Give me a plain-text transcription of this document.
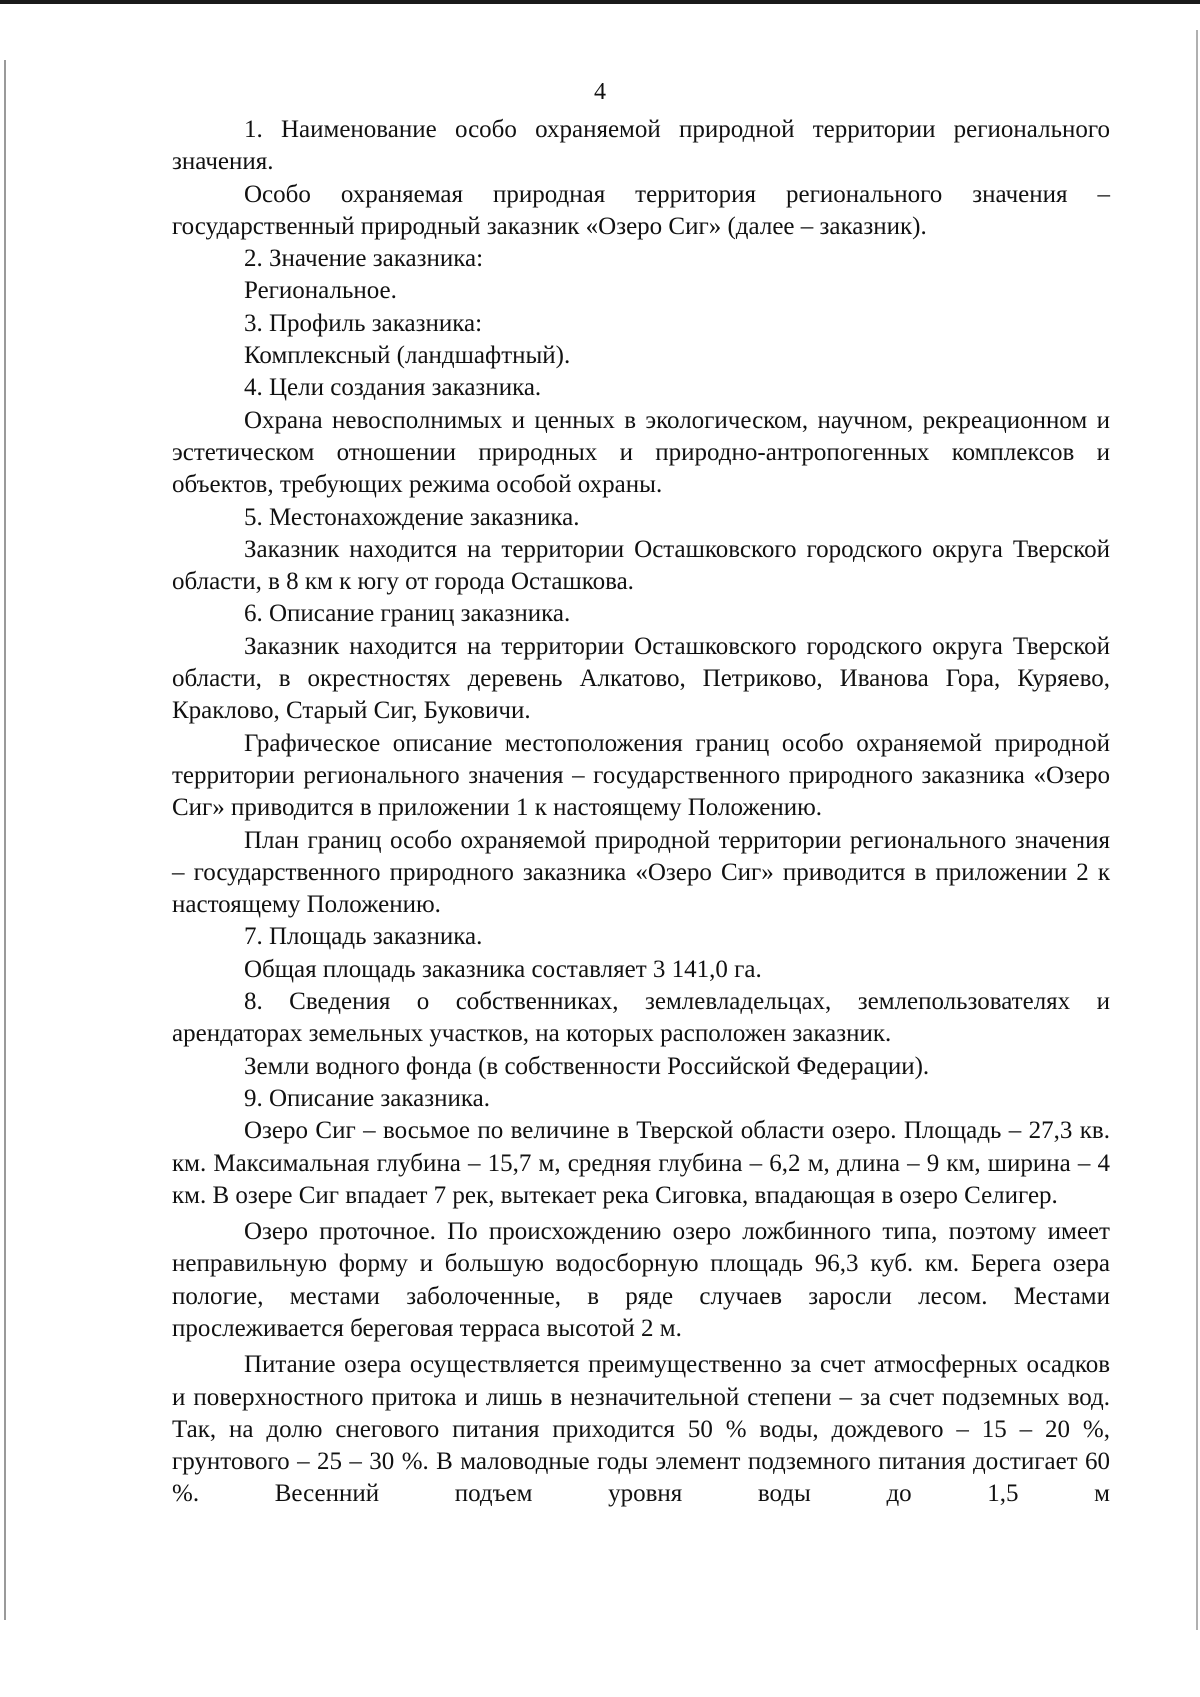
4

1. Наименование особо охраняемой природной территории регионального значения.

Особо охраняемая природная территория регионального значения – государственный природный заказник «Озеро Сиг» (далее – заказник).

2. Значение заказника:

Региональное.

3. Профиль заказника:

Комплексный (ландшафтный).

4. Цели создания заказника.

Охрана невосполнимых и ценных в экологическом, научном, рекреационном и эстетическом отношении природных и природно-антропогенных комплексов и объектов, требующих режима особой охраны.

5. Местонахождение заказника.

Заказник находится на территории Осташковского городского округа Тверской области, в 8 км к югу от города Осташкова.

6. Описание границ заказника.

Заказник находится на территории Осташковского городского округа Тверской области, в окрестностях деревень Алкатово, Петриково, Иванова Гора, Куряево, Краклово, Старый Сиг, Буковичи.

Графическое описание местоположения границ особо охраняемой природной территории регионального значения – государственного природного заказника «Озеро Сиг» приводится в приложении 1 к настоящему Положению.

План границ особо охраняемой природной территории регионального значения – государственного природного заказника «Озеро Сиг» приводится в приложении 2 к настоящему Положению.

7. Площадь заказника.

Общая площадь заказника составляет 3 141,0 га.

8. Сведения о собственниках, землевладельцах, землепользователях и арендаторах земельных участков, на которых расположен заказник.

Земли водного фонда (в собственности Российской Федерации).

9. Описание заказника.

Озеро Сиг – восьмое по величине в Тверской области озеро. Площадь – 27,3 кв. км. Максимальная глубина – 15,7 м, средняя глубина – 6,2 м, длина – 9 км, ширина – 4 км. В озере Сиг впадает 7 рек, вытекает река Сиговка, впадающая в озеро Селигер.

Озеро проточное. По происхождению озеро ложбинного типа, поэтому имеет неправильную форму и большую водосборную площадь 96,3 куб. км. Берега озера пологие, местами заболоченные, в ряде случаев заросли лесом. Местами прослеживается береговая терраса высотой 2 м.

Питание озера осуществляется преимущественно за счет атмосферных осадков и поверхностного притока и лишь в незначительной степени – за счет подземных вод. Так, на долю снегового питания приходится 50 % воды, дождевого – 15 – 20 %, грунтового – 25 – 30 %. В маловодные годы элемент подземного питания достигает 60 %. Весенний подъем уровня воды до 1,5 м
